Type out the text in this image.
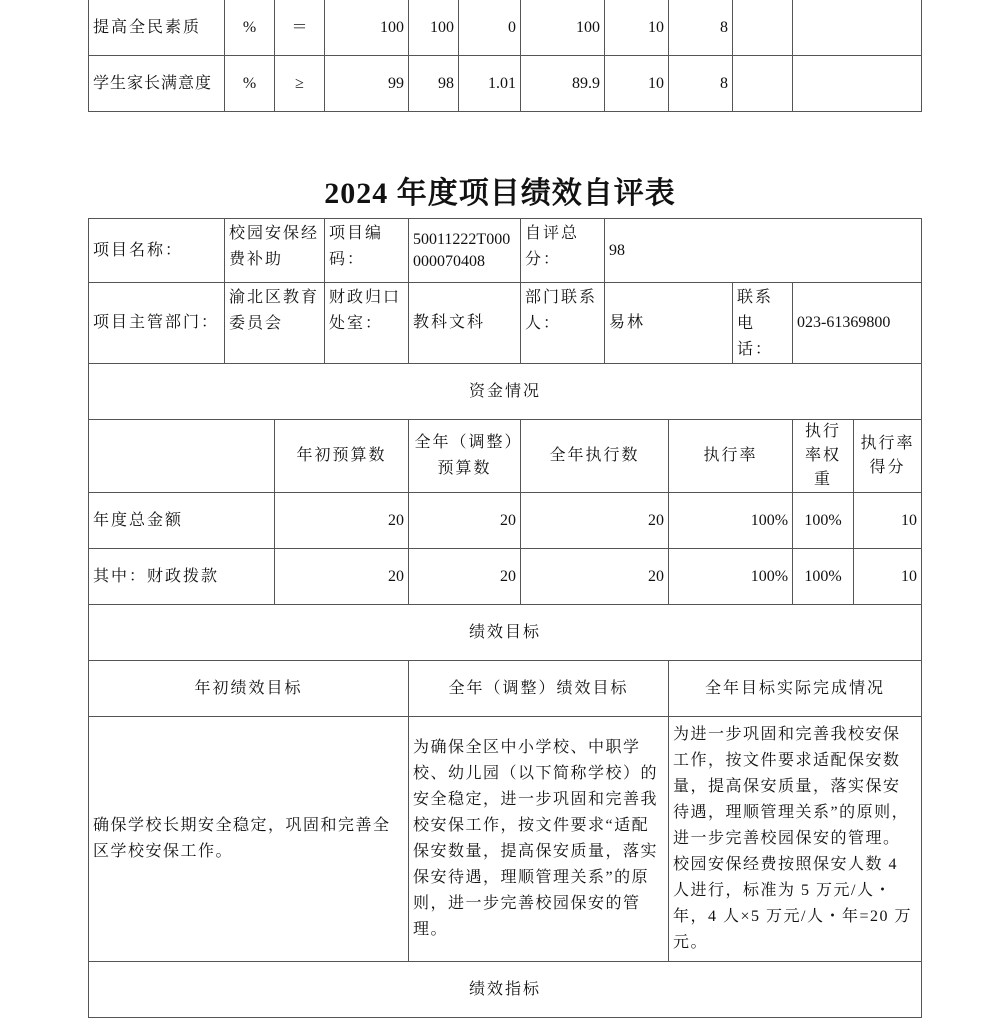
提高全民素质	%	＝	100	100	0	100	10	8		
学生家长满意度	%	≥	99	98	1.01	89.9	10	8		
2024 年度项目绩效自评表
项目名称：	校园安保经费补助		项目编码：	50011222T000000070408	自评总分：	98				
项目主管部门：	渝北区教育委员会		财政归口处室：	教科文科	部门联系人：	易林		联系电话：	023-61369800	
资金情况										
		年初预算数		全年（调整）预算数	全年执行数		执行率		执行率权重	执行率得分
年度总金额		20		20	20		100%		100%	10
其中：财政拨款		20		20	20		100%		100%	10
绩效目标										
年初绩效目标				全年（调整）绩效目标			全年目标实际完成情况			
确保学校长期安全稳定，巩固和完善全区学校安保工作。				为确保全区中小学校、中职学校、幼儿园（以下简称学校）的安全稳定，进一步巩固和完善我校安保工作，按文件要求“适配保安数量，提高保安质量，落实保安待遇，理顺管理关系”的原则，进一步完善校园保安的管理。			为进一步巩固和完善我校安保工作，按文件要求适配保安数量，提高保安质量，落实保安待遇，理顺管理关系”的原则，进一步完善校园保安的管理。校园安保经费按照保安人数 4 人进行，标准为 5 万元/人・年，4 人×5 万元/人・年=20 万元。			
绩效指标										
